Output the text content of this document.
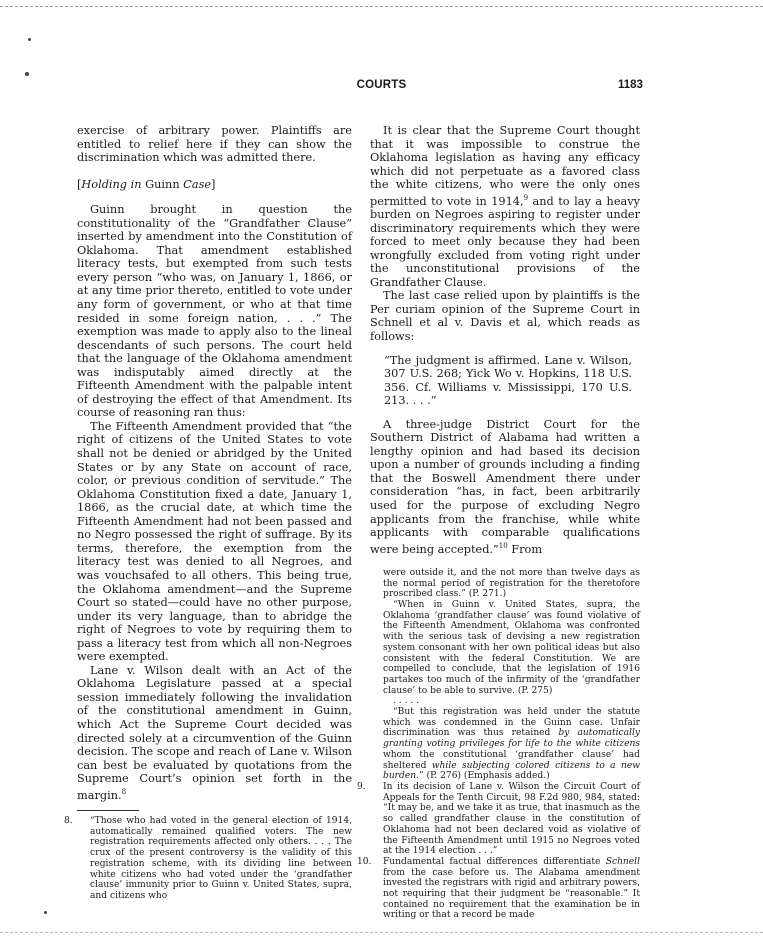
COURTS	1183

exercise of arbitrary power. Plaintiffs are entitled to relief here if they can show the discrimination which was admitted there.

[Holding in Guinn Case]

Guinn brought in question the constitutionality of the “Grandfather Clause” inserted by amendment into the Constitution of Oklahoma. That amendment established literacy tests, but exempted from such tests every person “who was, on January 1, 1866, or at any time prior thereto, entitled to vote under any form of government, or who at that time resided in some foreign nation, . . .” The exemption was made to apply also to the lineal descendants of such persons. The court held that the language of the Oklahoma amendment was indisputably aimed directly at the Fifteenth Amendment with the palpable intent of destroying the effect of that Amendment. Its course of reasoning ran thus:

The Fifteenth Amendment provided that “the right of citizens of the United States to vote shall not be denied or abridged by the United States or by any State on account of race, color, or previous condition of servitude.” The Oklahoma Constitution fixed a date, January 1, 1866, as the crucial date, at which time the Fifteenth Amendment had not been passed and no Negro possessed the right of suffrage. By its terms, therefore, the exemption from the literacy test was denied to all Negroes, and was vouchsafed to all others. This being true, the Oklahoma amendment—and the Supreme Court so stated—could have no other purpose, under its very language, than to abridge the right of Negroes to vote by requiring them to pass a literacy test from which all non-Negroes were exempted.

Lane v. Wilson dealt with an Act of the Oklahoma Legislature passed at a special session immediately following the invalidation of the constitutional amendment in Guinn, which Act the Supreme Court decided was directed solely at a circumvention of the Guinn decision. The scope and reach of Lane v. Wilson can best be evaluated by quotations from the Supreme Court’s opinion set forth in the margin.$^8$

8. “Those who had voted in the general election of 1914, automatically remained qualified voters. The new registration requirements affected only others. . . . The crux of the present controversy is the validity of this registration scheme, with its dividing line between white citizens who had voted under the ‘grandfather clause’ immunity prior to Guinn v. United States, supra, and citizens who

It is clear that the Supreme Court thought that it was impossible to construe the Oklahoma legislation as having any efficacy which did not perpetuate as a favored class the white citizens, who were the only ones permitted to vote in 1914,$^9$ and to lay a heavy burden on Negroes aspiring to register under discriminatory requirements which they were forced to meet only because they had been wrongfully excluded from voting right under the unconstitutional provisions of the Grandfather Clause.

The last case relied upon by plaintiffs is the Per curiam opinion of the Supreme Court in Schnell et al v. Davis et al, which reads as follows:

“The judgment is affirmed. Lane v. Wilson, 307 U.S. 268; Yick Wo v. Hopkins, 118 U.S. 356. Cf. Williams v. Mississippi, 170 U.S. 213. . . .”

A three-judge District Court for the Southern District of Alabama had written a lengthy opinion and had based its decision upon a number of grounds including a finding that the Boswell Amendment there under consideration “has, in fact, been arbitrarily used for the purpose of excluding Negro applicants from the franchise, while white applicants with comparable qualifications were being accepted.”$^{10}$ From

were outside it, and the not more than twelve days as the normal period of registration for the theretofore proscribed class.” (P. 271.)

“When in Guinn v. United States, supra, the Oklahoma ‘grandfather clause’ was found violative of the Fifteenth Amendment, Oklahoma was confronted with the serious task of devising a new registration system consonant with her own political ideas but also consistent with the federal Constitution. We are compelled to conclude, that the legislation of 1916 partakes too much of the infirmity of the ‘grandfather clause’ to be able to survive. (P. 275)

. . . . .

“But this registration was held under the statute which was condemned in the Guinn case. Unfair discrimination was thus retained by automatically granting voting privileges for life to the white citizens whom the constitutional ‘grandfather clause’ had sheltered while subjecting colored citizens to a new burden.” (P. 276) (Emphasis added.)

9. In its decision of Lane v. Wilson the Circuit Court of Appeals for the Tenth Circuit, 98 F.2d 980, 984, stated: “It may be, and we take it as true, that inasmuch as the so called grandfather clause in the constitution of Oklahoma had not been declared void as violative of the Fifteenth Amendment until 1915 no Negroes voted at the 1914 election . . .”

10. Fundamental factual differences differentiate Schnell from the case before us. The Alabama amendment invested the registrars with rigid and arbitrary powers, not requiring that their judgment be “reasonable.” It contained no requirement that the examination be in writing or that a record be made
